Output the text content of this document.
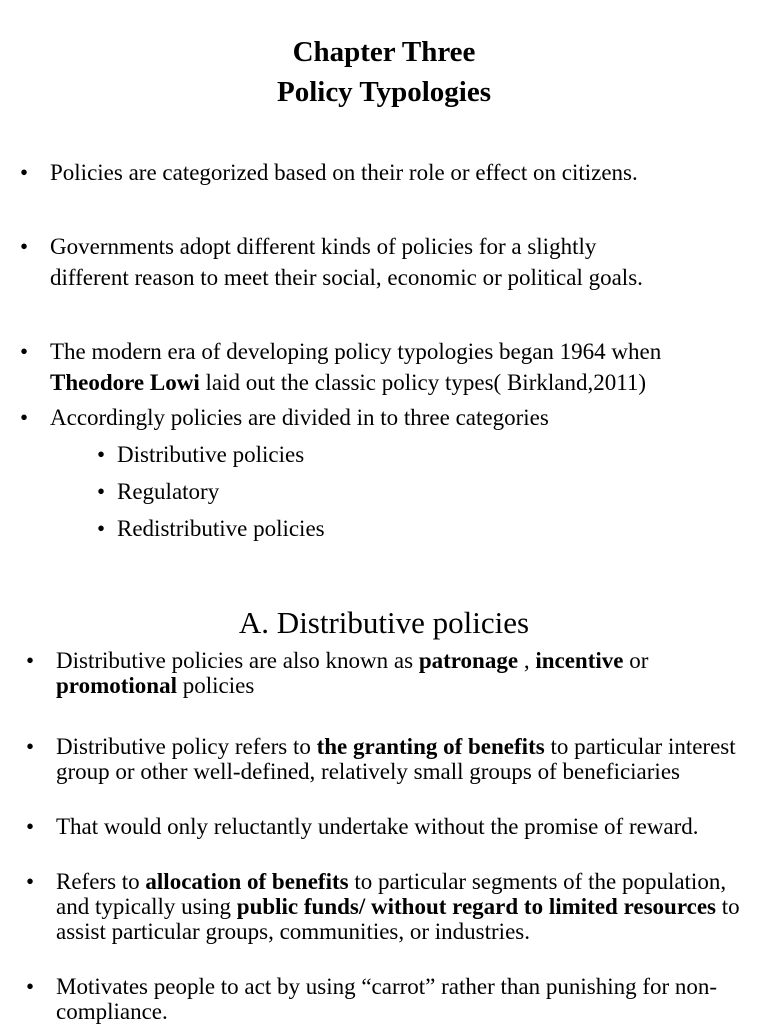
Chapter Three
Policy Typologies
• Policies are categorized based on their role or effect on citizens.
• Governments adopt different kinds of policies for a slightly
different reason to meet their social, economic or political goals.
• The modern era of developing policy typologies began 1964 when
Theodore Lowi laid out the classic policy types( Birkland,2011)
• Accordingly policies are divided in to three categories
• Distributive policies
• Regulatory
• Redistributive policies
A. Distributive policies
• Distributive policies are also known as patronage , incentive or
promotional policies
• Distributive policy refers to the granting of benefits to particular interest group or other well-defined, relatively small groups of beneficiaries
• That would only reluctantly undertake without the promise of reward.
• Refers to allocation of benefits to particular segments of the population, and typically using public funds/ without regard to limited resources to assist particular groups, communities, or industries.
• Motivates people to act by using “carrot” rather than punishing for non-compliance.
